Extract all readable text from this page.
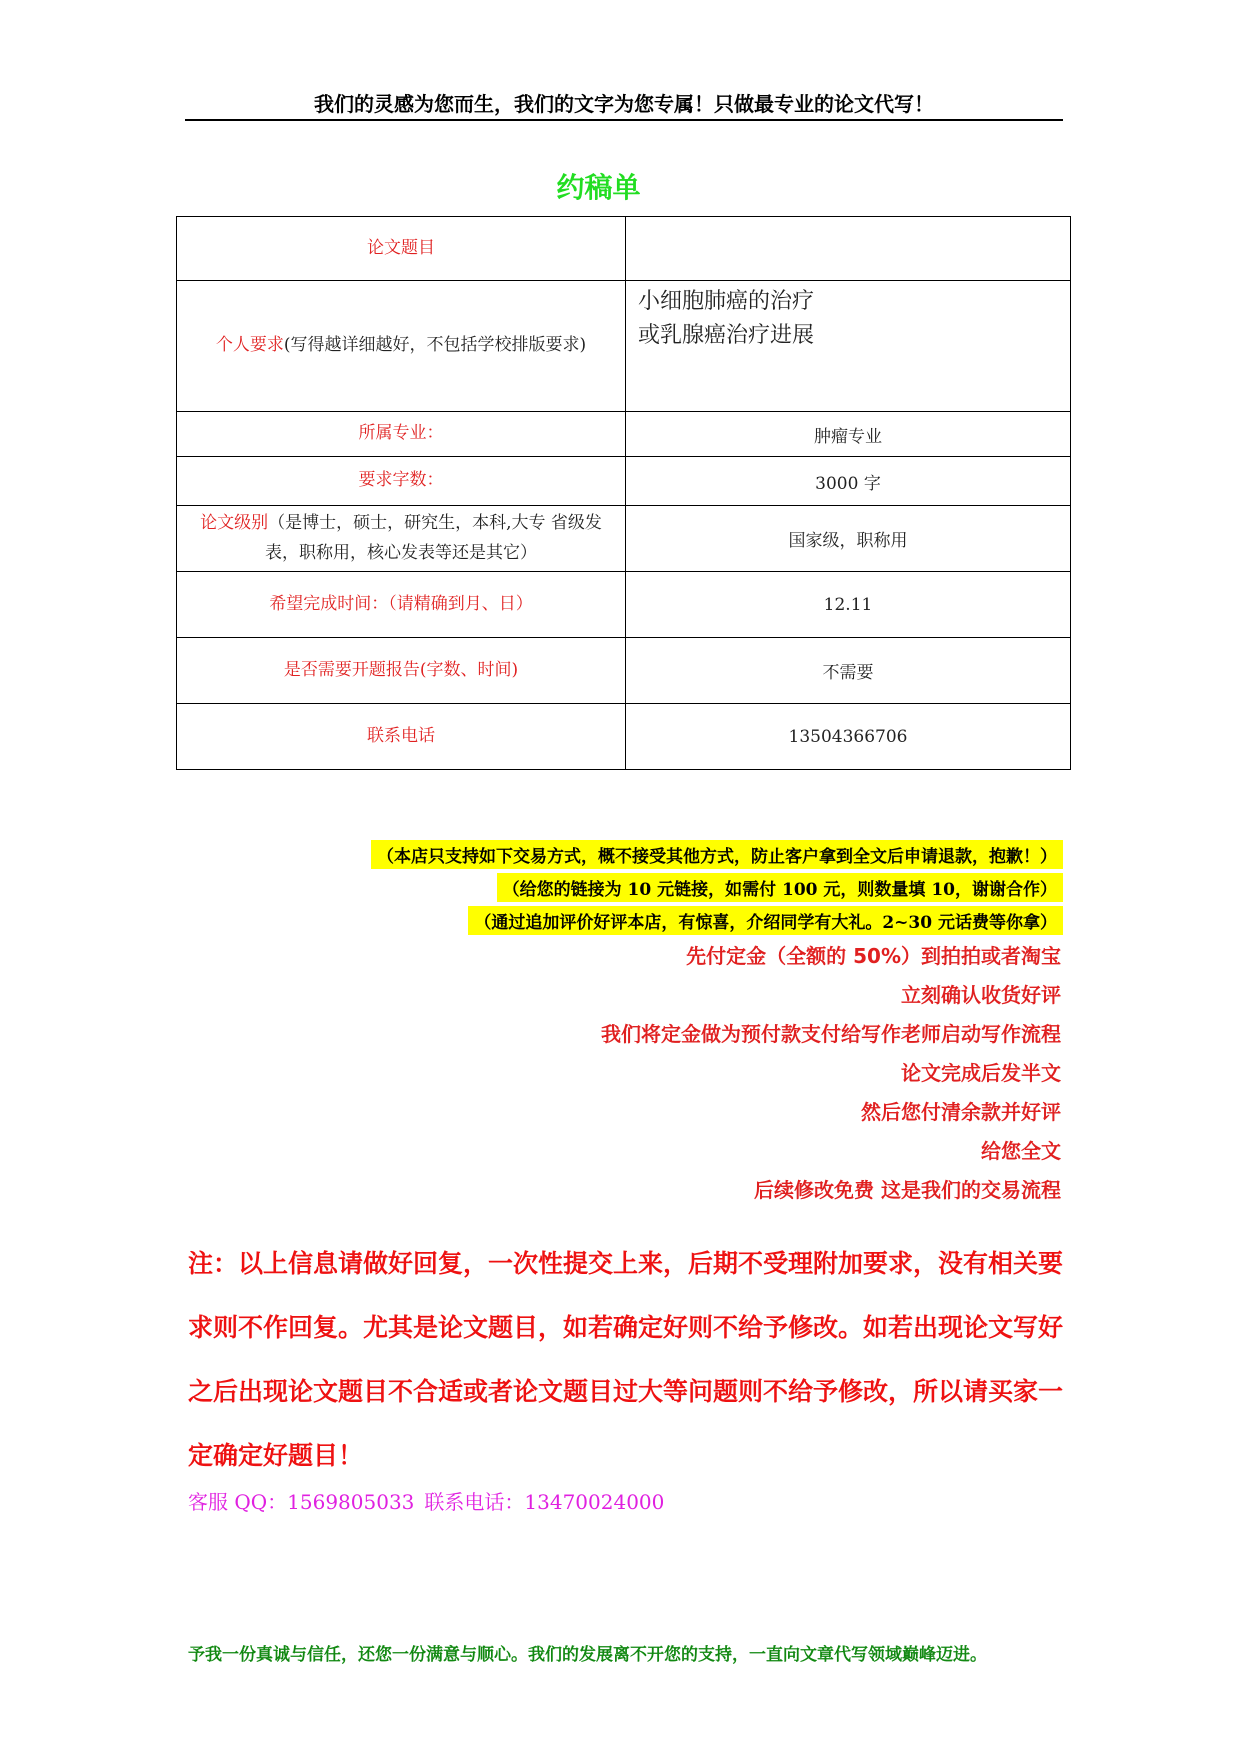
我们的灵感为您而生，我们的文字为您专属！只做最专业的论文代写！
约稿单
论文题目	
个人要求(写得越详细越好，不包括学校排版要求)	小细胞肺癌的治疗
或乳腺癌治疗进展

所属专业：	肿瘤专业
要求字数：	3000 字
论文级别（是博士，硕士，研究生，本科,大专 省级发表，职称用，核心发表等还是其它）	国家级，职称用
希望完成时间：（请精确到月、日）	12.11
是否需要开题报告(字数、时间)	不需要
联系电话	13504366706
（本店只支持如下交易方式，概不接受其他方式，防止客户拿到全文后申请退款，抱歉！）
（给您的链接为 10 元链接，如需付 100 元，则数量填 10，谢谢合作）
（通过追加评价好评本店，有惊喜，介绍同学有大礼。2~30 元话费等你拿）
先付定金（全额的 50%）到拍拍或者淘宝
立刻确认收货好评
我们将定金做为预付款支付给写作老师启动写作流程
论文完成后发半文
然后您付清余款并好评
给您全文
后续修改免费 这是我们的交易流程
注：以上信息请做好回复，一次性提交上来，后期不受理附加要求，没有相关要求则不作回复。尤其是论文题目，如若确定好则不给予修改。如若出现论文写好之后出现论文题目不合适或者论文题目过大等问题则不给予修改，所以请买家一定确定好题目！
客服 QQ：1569805033 联系电话：13470024000
予我一份真诚与信任，还您一份满意与顺心。我们的发展离不开您的支持，一直向文章代写领域巅峰迈进。
